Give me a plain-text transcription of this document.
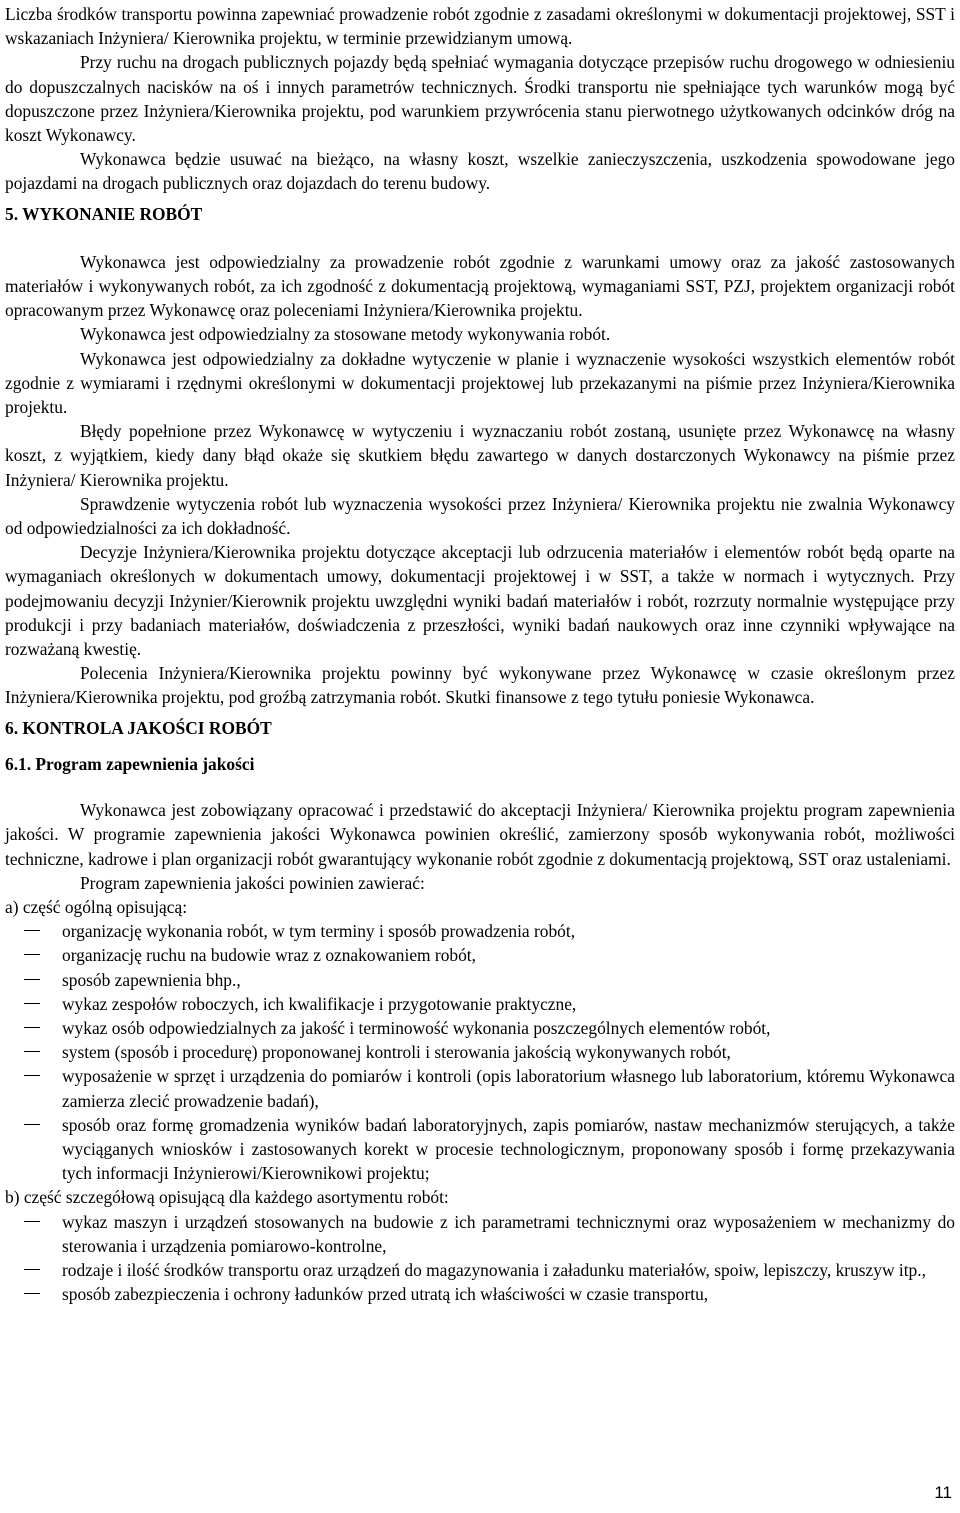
Liczba środków transportu powinna zapewniać prowadzenie robót zgodnie z zasadami określonymi w dokumentacji projektowej, SST i wskazaniach Inżyniera/ Kierownika projektu, w terminie przewidzianym umową.

Przy ruchu na drogach publicznych pojazdy będą spełniać wymagania dotyczące przepisów ruchu drogowego w odniesieniu do dopuszczalnych nacisków na oś i innych parametrów technicznych. Środki transportu nie spełniające tych warunków mogą być dopuszczone przez Inżyniera/Kierownika projektu, pod warunkiem przywrócenia stanu pierwotnego użytkowanych odcinków dróg na koszt Wykonawcy.

Wykonawca będzie usuwać na bieżąco, na własny koszt, wszelkie zanieczyszczenia, uszkodzenia spowodowane jego pojazdami na drogach publicznych oraz dojazdach do terenu budowy.

5. WYKONANIE ROBÓT

Wykonawca jest odpowiedzialny za prowadzenie robót zgodnie z warunkami umowy oraz za jakość zastosowanych materiałów i wykonywanych robót, za ich zgodność z dokumentacją projektową, wymaganiami SST, PZJ, projektem organizacji robót opracowanym przez Wykonawcę oraz poleceniami Inżyniera/Kierownika projektu.

Wykonawca jest odpowiedzialny za stosowane metody wykonywania robót.

Wykonawca jest odpowiedzialny za dokładne wytyczenie w planie i wyznaczenie wysokości wszystkich elementów robót zgodnie z wymiarami i rzędnymi określonymi w dokumentacji projektowej lub przekazanymi na piśmie przez Inżyniera/Kierownika projektu.

Błędy popełnione przez Wykonawcę w wytyczeniu i wyznaczaniu robót zostaną, usunięte przez Wykonawcę na własny koszt, z wyjątkiem, kiedy dany błąd okaże się skutkiem błędu zawartego w danych dostarczonych Wykonawcy na piśmie przez Inżyniera/ Kierownika projektu.

Sprawdzenie wytyczenia robót lub wyznaczenia wysokości przez Inżyniera/ Kierownika projektu nie zwalnia Wykonawcy od odpowiedzialności za ich dokładność.

Decyzje Inżyniera/Kierownika projektu dotyczące akceptacji lub odrzucenia materiałów i elementów robót będą oparte na wymaganiach określonych w dokumentach umowy, dokumentacji projektowej i w SST, a także w normach i wytycznych. Przy podejmowaniu decyzji Inżynier/Kierownik projektu uwzględni wyniki badań materiałów i robót, rozrzuty normalnie występujące przy produkcji i przy badaniach materiałów, doświadczenia z przeszłości, wyniki badań naukowych oraz inne czynniki wpływające na rozważaną kwestię.

Polecenia Inżyniera/Kierownika projektu powinny być wykonywane przez Wykonawcę w czasie określonym przez Inżyniera/Kierownika projektu, pod groźbą zatrzymania robót. Skutki finansowe z tego tytułu poniesie Wykonawca.

6. KONTROLA JAKOŚCI ROBÓT
6.1. Program zapewnienia jakości

Wykonawca jest zobowiązany opracować i przedstawić do akceptacji Inżyniera/ Kierownika projektu program zapewnienia jakości. W programie zapewnienia jakości Wykonawca powinien określić, zamierzony sposób wykonywania robót, możliwości techniczne, kadrowe i plan organizacji robót gwarantujący wykonanie robót zgodnie z dokumentacją projektową, SST oraz ustaleniami.

Program zapewnienia jakości powinien zawierać:

a) część ogólną opisującą:

organizację wykonania robót, w tym terminy i sposób prowadzenia robót,
organizację ruchu na budowie wraz z oznakowaniem robót,
sposób zapewnienia bhp.,
wykaz zespołów roboczych, ich kwalifikacje i przygotowanie praktyczne,
wykaz osób odpowiedzialnych za jakość i terminowość wykonania poszczególnych elementów robót,
system (sposób i procedurę) proponowanej kontroli i sterowania jakością wykonywanych robót,
wyposażenie w sprzęt i urządzenia do pomiarów i kontroli (opis laboratorium własnego lub laboratorium, któremu Wykonawca zamierza zlecić prowadzenie badań),
sposób oraz formę gromadzenia wyników badań laboratoryjnych, zapis pomiarów, nastaw mechanizmów sterujących, a także wyciąganych wniosków i zastosowanych korekt w procesie technologicznym, proponowany sposób i formę przekazywania tych informacji Inżynierowi/Kierownikowi projektu;

b) część szczegółową opisującą dla każdego asortymentu robót:

wykaz maszyn i urządzeń stosowanych na budowie z ich parametrami technicznymi oraz wyposażeniem w mechanizmy do sterowania i urządzenia pomiarowo-kontrolne,
rodzaje i ilość środków transportu oraz urządzeń do magazynowania i załadunku materiałów, spoiw, lepiszczy, kruszyw itp.,
sposób zabezpieczenia i ochrony ładunków przed utratą ich właściwości w czasie transportu,
11
